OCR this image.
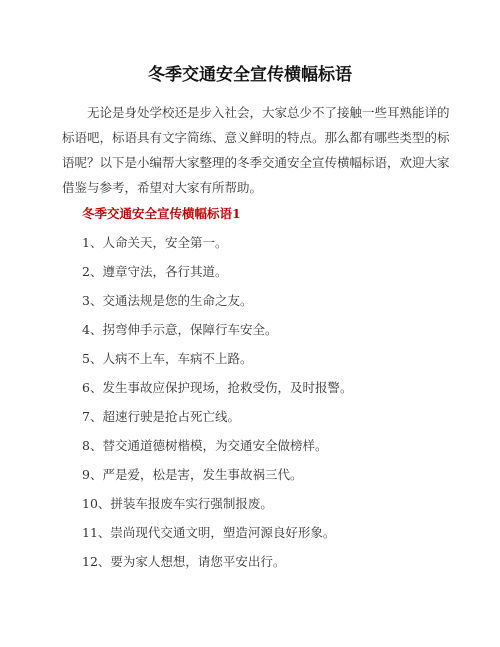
冬季交通安全宣传横幅标语

无论是身处学校还是步入社会，大家总少不了接触一些耳熟能详的标语吧，标语具有文字简练、意义鲜明的特点。那么都有哪些类型的标语呢？以下是小编帮大家整理的冬季交通安全宣传横幅标语，欢迎大家借鉴与参考，希望对大家有所帮助。

冬季交通安全宣传横幅标语1
1、人命关天，安全第一。
2、遵章守法，各行其道。
3、交通法规是您的生命之友。
4、拐弯伸手示意，保障行车安全。
5、人病不上车，车病不上路。
6、发生事故应保护现场，抢救受伤，及时报警。
7、超速行驶是抢占死亡线。
8、替交通道德树楷模，为交通安全做榜样。
9、严是爱，松是害，发生事故祸三代。
10、拼装车报废车实行强制报废。
11、崇尚现代交通文明，塑造河源良好形象。
12、要为家人想想，请您平安出行。
